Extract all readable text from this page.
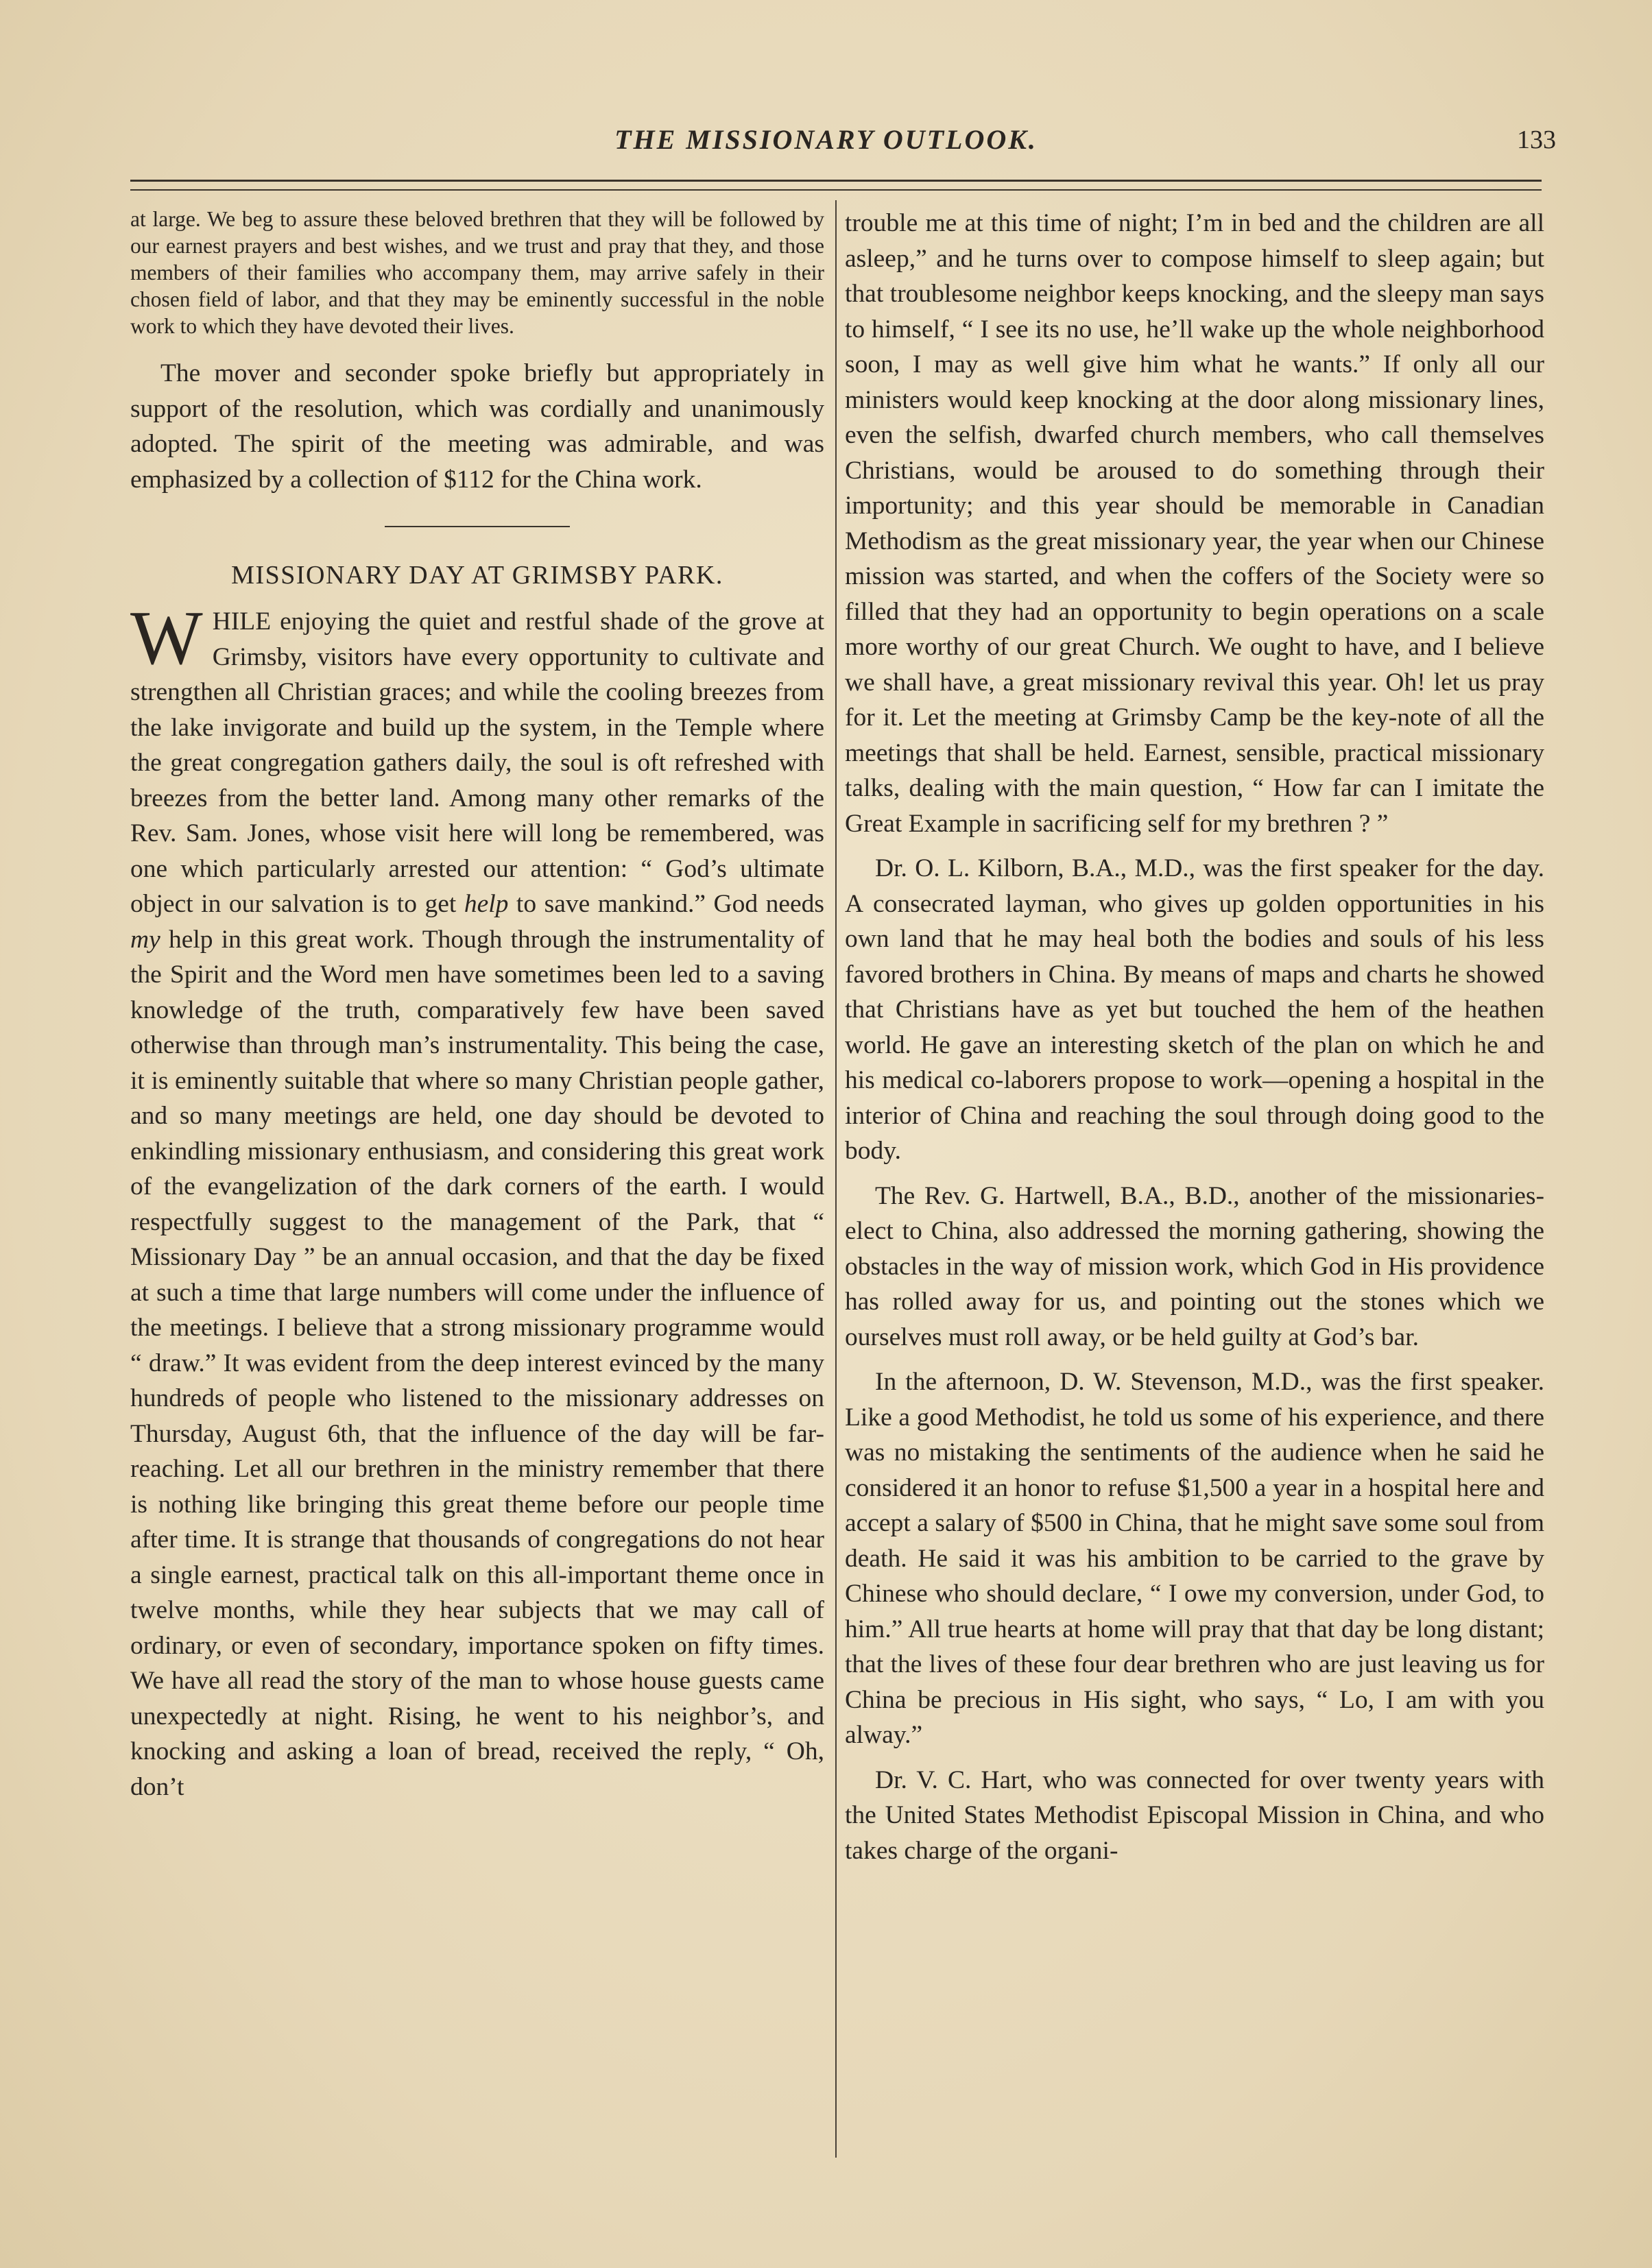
THE MISSIONARY OUTLOOK.	133

at large. We beg to assure these beloved brethren that they will be followed by our earnest prayers and best wishes, and we trust and pray that they, and those members of their families who accompany them, may arrive safely in their chosen field of labor, and that they may be eminently successful in the noble work to which they have devoted their lives.

The mover and seconder spoke briefly but appropriately in support of the resolution, which was cordially and unanimously adopted. The spirit of the meeting was admirable, and was emphasized by a collection of $112 for the China work.

MISSIONARY DAY AT GRIMSBY PARK.

WHILE enjoying the quiet and restful shade of the grove at Grimsby, visitors have every opportunity to cultivate and strengthen all Christian graces; and while the cooling breezes from the lake invigorate and build up the system, in the Temple where the great congregation gathers daily, the soul is oft refreshed with breezes from the better land. Among many other remarks of the Rev. Sam. Jones, whose visit here will long be remembered, was one which particularly arrested our attention: “ God’s ultimate object in our salvation is to get help to save mankind.” God needs my help in this great work. Though through the instrumentality of the Spirit and the Word men have sometimes been led to a saving knowledge of the truth, comparatively few have been saved otherwise than through man’s instrumentality. This being the case, it is eminently suitable that where so many Christian people gather, and so many meetings are held, one day should be devoted to enkindling missionary enthusiasm, and considering this great work of the evangelization of the dark corners of the earth. I would respectfully suggest to the management of the Park, that “ Missionary Day ” be an annual occasion, and that the day be fixed at such a time that large numbers will come under the influence of the meetings. I believe that a strong missionary programme would “ draw.” It was evident from the deep interest evinced by the many hundreds of people who listened to the missionary addresses on Thursday, August 6th, that the influence of the day will be far-reaching. Let all our brethren in the ministry remember that there is nothing like bringing this great theme before our people time after time. It is strange that thousands of congregations do not hear a single earnest, practical talk on this all-important theme once in twelve months, while they hear subjects that we may call of ordinary, or even of secondary, importance spoken on fifty times. We have all read the story of the man to whose house guests came unexpectedly at night. Rising, he went to his neighbor’s, and knocking and asking a loan of bread, received the reply, “ Oh, don’t

trouble me at this time of night; I’m in bed and the children are all asleep,” and he turns over to compose himself to sleep again; but that troublesome neighbor keeps knocking, and the sleepy man says to himself, “ I see its no use, he’ll wake up the whole neighborhood soon, I may as well give him what he wants.” If only all our ministers would keep knocking at the door along missionary lines, even the selfish, dwarfed church members, who call themselves Christians, would be aroused to do something through their importunity; and this year should be memorable in Canadian Methodism as the great missionary year, the year when our Chinese mission was started, and when the coffers of the Society were so filled that they had an opportunity to begin operations on a scale more worthy of our great Church. We ought to have, and I believe we shall have, a great missionary revival this year. Oh! let us pray for it. Let the meeting at Grimsby Camp be the key-note of all the meetings that shall be held. Earnest, sensible, practical missionary talks, dealing with the main question, “ How far can I imitate the Great Example in sacrificing self for my brethren ? ”

Dr. O. L. Kilborn, B.A., M.D., was the first speaker for the day. A consecrated layman, who gives up golden opportunities in his own land that he may heal both the bodies and souls of his less favored brothers in China. By means of maps and charts he showed that Christians have as yet but touched the hem of the heathen world. He gave an interesting sketch of the plan on which he and his medical co-laborers propose to work—opening a hospital in the interior of China and reaching the soul through doing good to the body.

The Rev. G. Hartwell, B.A., B.D., another of the missionaries-elect to China, also addressed the morning gathering, showing the obstacles in the way of mission work, which God in His providence has rolled away for us, and pointing out the stones which we ourselves must roll away, or be held guilty at God’s bar.

In the afternoon, D. W. Stevenson, M.D., was the first speaker. Like a good Methodist, he told us some of his experience, and there was no mistaking the sentiments of the audience when he said he considered it an honor to refuse $1,500 a year in a hospital here and accept a salary of $500 in China, that he might save some soul from death. He said it was his ambition to be carried to the grave by Chinese who should declare, “ I owe my conversion, under God, to him.” All true hearts at home will pray that that day be long distant; that the lives of these four dear brethren who are just leaving us for China be precious in His sight, who says, “ Lo, I am with you alway.”

Dr. V. C. Hart, who was connected for over twenty years with the United States Methodist Episcopal Mission in China, and who takes charge of the organi-
